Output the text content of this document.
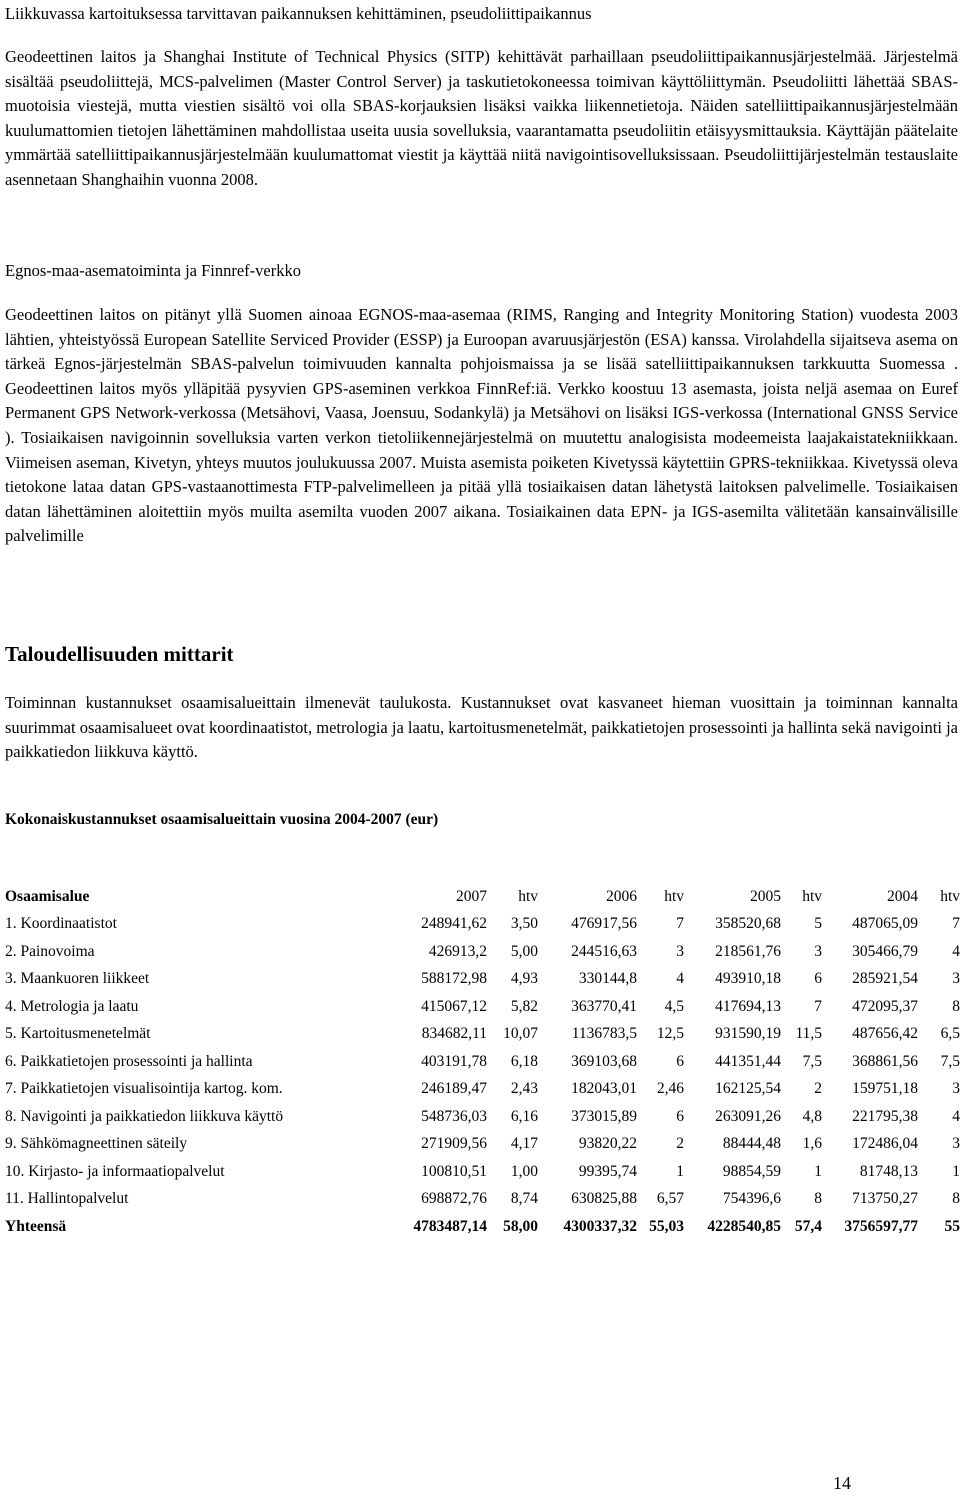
Liikkuvassa kartoituksessa tarvittavan paikannuksen kehittäminen, pseudoliittipaikannus

Geodeettinen laitos ja Shanghai Institute of Technical Physics (SITP) kehittävät parhaillaan pseudoliittipaikannusjärjestelmää. Järjestelmä sisältää pseudoliittejä, MCS-palvelimen (Master Control Server) ja taskutietokoneessa toimivan käyttöliittymän. Pseudoliitti lähettää SBAS-muotoisia viestejä, mutta viestien sisältö voi olla SBAS-korjauksien lisäksi vaikka liikennetietoja. Näiden satelliittipaikannusjärjestelmään kuulumattomien tietojen lähettäminen mahdollistaa useita uusia sovelluksia, vaarantamatta pseudoliitin etäisyysmittauksia. Käyttäjän päätelaite ymmärtää satelliittipaikannusjärjestelmään kuulumattomat viestit ja käyttää niitä navigointisovelluksissaan. Pseudoliittijärjestelmän testauslaite asennetaan Shanghaihin vuonna 2008.

Egnos-maa-asematoiminta ja Finnref-verkko

Geodeettinen laitos on pitänyt yllä Suomen ainoaa EGNOS-maa-asemaa (RIMS, Ranging and Integrity Monitoring Station) vuodesta 2003 lähtien, yhteistyössä European Satellite Serviced Provider (ESSP) ja Euroopan avaruusjärjestön (ESA) kanssa. Virolahdella sijaitseva asema on tärkeä Egnos-järjestelmän SBAS-palvelun toimivuuden kannalta pohjoismaissa ja se lisää satelliittipaikannuksen tarkkuutta Suomessa . Geodeettinen laitos myös ylläpitää pysyvien GPS-aseminen verkkoa FinnRef:iä. Verkko koostuu 13 asemasta, joista neljä asemaa on Euref Permanent GPS Network-verkossa (Metsähovi, Vaasa, Joensuu, Sodankylä) ja Metsähovi on lisäksi IGS-verkossa (International GNSS Service ). Tosiaikaisen navigoinnin sovelluksia varten verkon tietoliikennejärjestelmä on muutettu analogisista modeemeista laajakaistatekniikkaan. Viimeisen aseman, Kivetyn, yhteys muutos joulukuussa 2007. Muista asemista poiketen Kivetyssä käytettiin GPRS-tekniikkaa. Kivetyssä oleva tietokone lataa datan GPS-vastaanottimesta FTP-palvelimelleen ja pitää yllä tosiaikaisen datan lähetystä laitoksen palvelimelle. Tosiaikaisen datan lähettäminen aloitettiin myös muilta asemilta vuoden 2007 aikana. Tosiaikainen data EPN- ja IGS-asemilta välitetään kansainvälisille palvelimille

Taloudellisuuden mittarit

Toiminnan kustannukset osaamisalueittain ilmenevät taulukosta. Kustannukset ovat kasvaneet hieman vuosittain ja toiminnan kannalta suurimmat osaamisalueet ovat koordinaatistot, metrologia ja laatu, kartoitusmenetelmät, paikkatietojen prosessointi ja hallinta sekä navigointi ja paikkatiedon liikkuva käyttö.

Kokonaiskustannukset osaamisalueittain vuosina 2004-2007 (eur)
Osaamisalue	2007	htv	2006	htv	2005	htv	2004	htv
1. Koordinaatistot	248941,62	3,50	476917,56	7	358520,68	5	487065,09	7
2. Painovoima	426913,2	5,00	244516,63	3	218561,76	3	305466,79	4
3. Maankuoren liikkeet	588172,98	4,93	330144,8	4	493910,18	6	285921,54	3
4. Metrologia ja laatu	415067,12	5,82	363770,41	4,5	417694,13	7	472095,37	8
5. Kartoitusmenetelmät	834682,11	10,07	1136783,5	12,5	931590,19	11,5	487656,42	6,5
6. Paikkatietojen prosessointi ja hallinta	403191,78	6,18	369103,68	6	441351,44	7,5	368861,56	7,5
7. Paikkatietojen visualisointija kartog. kom.	246189,47	2,43	182043,01	2,46	162125,54	2	159751,18	3
8. Navigointi ja paikkatiedon liikkuva käyttö	548736,03	6,16	373015,89	6	263091,26	4,8	221795,38	4
9. Sähkömagneettinen säteily	271909,56	4,17	93820,22	2	88444,48	1,6	172486,04	3
10. Kirjasto- ja informaatiopalvelut	100810,51	1,00	99395,74	1	98854,59	1	81748,13	1
11. Hallintopalvelut	698872,76	8,74	630825,88	6,57	754396,6	8	713750,27	8
Yhteensä	4783487,14	58,00	4300337,32	55,03	4228540,85	57,4	3756597,77	55
14
